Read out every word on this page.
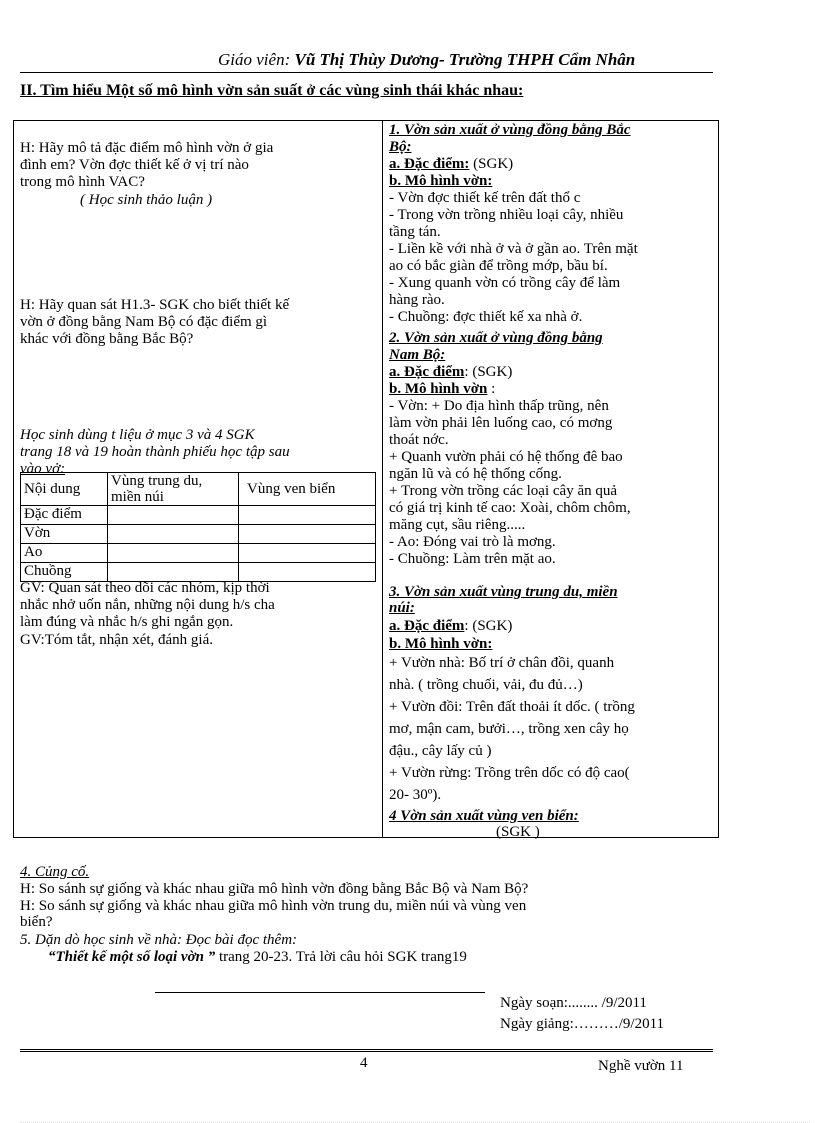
Giáo viên: Vũ Thị Thùy Dương- Trường THPH Cẩm Nhân
II. Tìm hiểu Một số mô hình vờn sản suất ở các vùng sinh thái khác nhau:
H: Hãy mô tả đặc điểm mô hình vờn ở gia
đình em? Vờn đợc thiết kế ở vị trí nào
trong mô hình VAC?
( Học sinh thảo luận )
H: Hãy quan sát H1.3- SGK cho biết thiết kế
vờn ở đồng bằng Nam Bộ có đặc điểm gì
khác với đồng bằng Bắc Bộ?
Học sinh dùng t liệu ở mục 3 và 4 SGK
trang 18 và 19 hoàn thành phiếu học tập sau
vào vở:
Nội dung	Vùng trung du, miền núi	Vùng ven biển
Đặc điểm		
Vờn		
Ao		
Chuồng		
GV: Quan sát theo dõi các nhóm, kịp thời
nhắc nhở uốn nắn, những nội dung h/s cha
làm đúng và nhắc h/s ghi ngắn gọn.
GV:Tóm tắt, nhận xét, đánh giá.
1. Vờn sản xuất ở vùng đồng bằng Bắc
Bộ:
a. Đặc điểm: (SGK)
b. Mô hình vờn:
- Vờn đợc thiết kế trên đất thổ c
- Trong vờn trồng nhiều loại cây, nhiều
tầng tán.
- Liền kề với nhà ở và ở gần ao. Trên mặt
ao có bắc giàn để trồng mớp, bầu bí.
- Xung quanh vờn có trồng cây để làm
hàng rào.
- Chuồng: đợc thiết kế xa nhà ở.
2. Vờn sản xuất ở vùng đồng bằng
Nam Bộ:
a. Đặc điểm: (SGK)
b. Mô hình vờn :
- Vờn: + Do địa hình thấp trũng, nên
làm vờn phải lên luống cao, có mơng
thoát nớc.
+ Quanh vườn phải có hệ thống đê bao
ngăn lũ và có hệ thống cống.
+ Trong vờn trồng các loại cây ăn quả
có giá trị kinh tế cao: Xoài, chôm chôm,
măng cụt, sầu riêng.....
- Ao: Đóng vai trò là mơng.
- Chuồng: Làm trên mặt ao.
3. Vờn sản xuất vùng trung du, miền
núi:
a. Đặc điểm: (SGK)
b. Mô hình vờn:
+ Vườn nhà: Bố trí ở chân đồi, quanh
nhà. ( trồng chuối, vải, đu đủ…)
+ Vườn đồi: Trên đất thoải ít dốc. ( trồng
mơ, mận cam, bưởi…, trồng xen cây họ
đậu., cây lấy củ )
+ Vườn rừng: Trồng trên dốc có độ cao(
20- 30º).
4 Vờn sản xuất vùng ven biển:
(SGK )
4. Củng cố.
H: So sánh sự giống và khác nhau giữa mô hình vờn đồng bằng Bắc Bộ và Nam Bộ?
H: So sánh sự giống và khác nhau giữa mô hình vờn trung du, miền núi và vùng ven
biển?
5. Dặn dò học sinh về nhà: Đọc bài đọc thêm:
“Thiết kế một số loại vờn ” trang 20-23. Trả lời câu hỏi SGK trang19
Ngày soạn:........ /9/2011
Ngày giảng:………/9/2011
4	Nghề vườn 11
